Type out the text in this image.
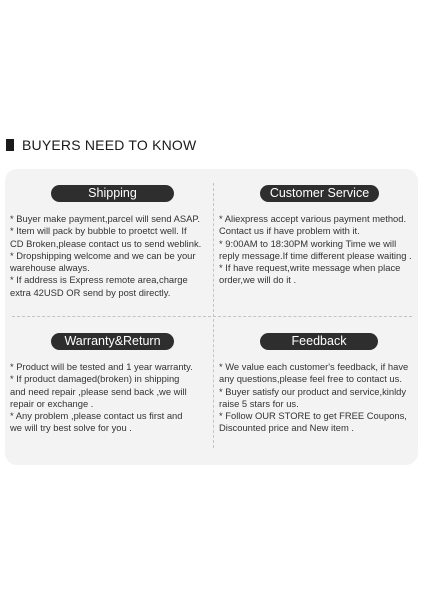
BUYERS NEED TO KNOW
Shipping
* Buyer make payment,parcel will send ASAP.
* Item will pack by bubble to proetct well. If
CD Broken,please contact us to send weblink.
* Dropshipping welcome and we can be your
warehouse always.
* If address is Express remote area,charge
extra 42USD OR send by post directly.
Customer Service
* Aliexpress accept various payment method.
Contact us if have problem with it.
* 9:00AM to 18:30PM working Time we will
reply message.If time different please waiting .
* If have request,write message when place
order,we will do it .
Warranty&Return
* Product will be tested and 1 year warranty.
* If product damaged(broken) in shipping
and need repair ,please send back ,we will
repair or exchange .
* Any problem ,please contact us first and
we will try best solve for you .
Feedback
* We value each customer's feedback, if have
any questions,please feel free to contact us.
* Buyer satisfy our product and service,kinldy
raise 5 stars for us.
* Follow OUR STORE to get FREE Coupons,
Discounted price and New item .
